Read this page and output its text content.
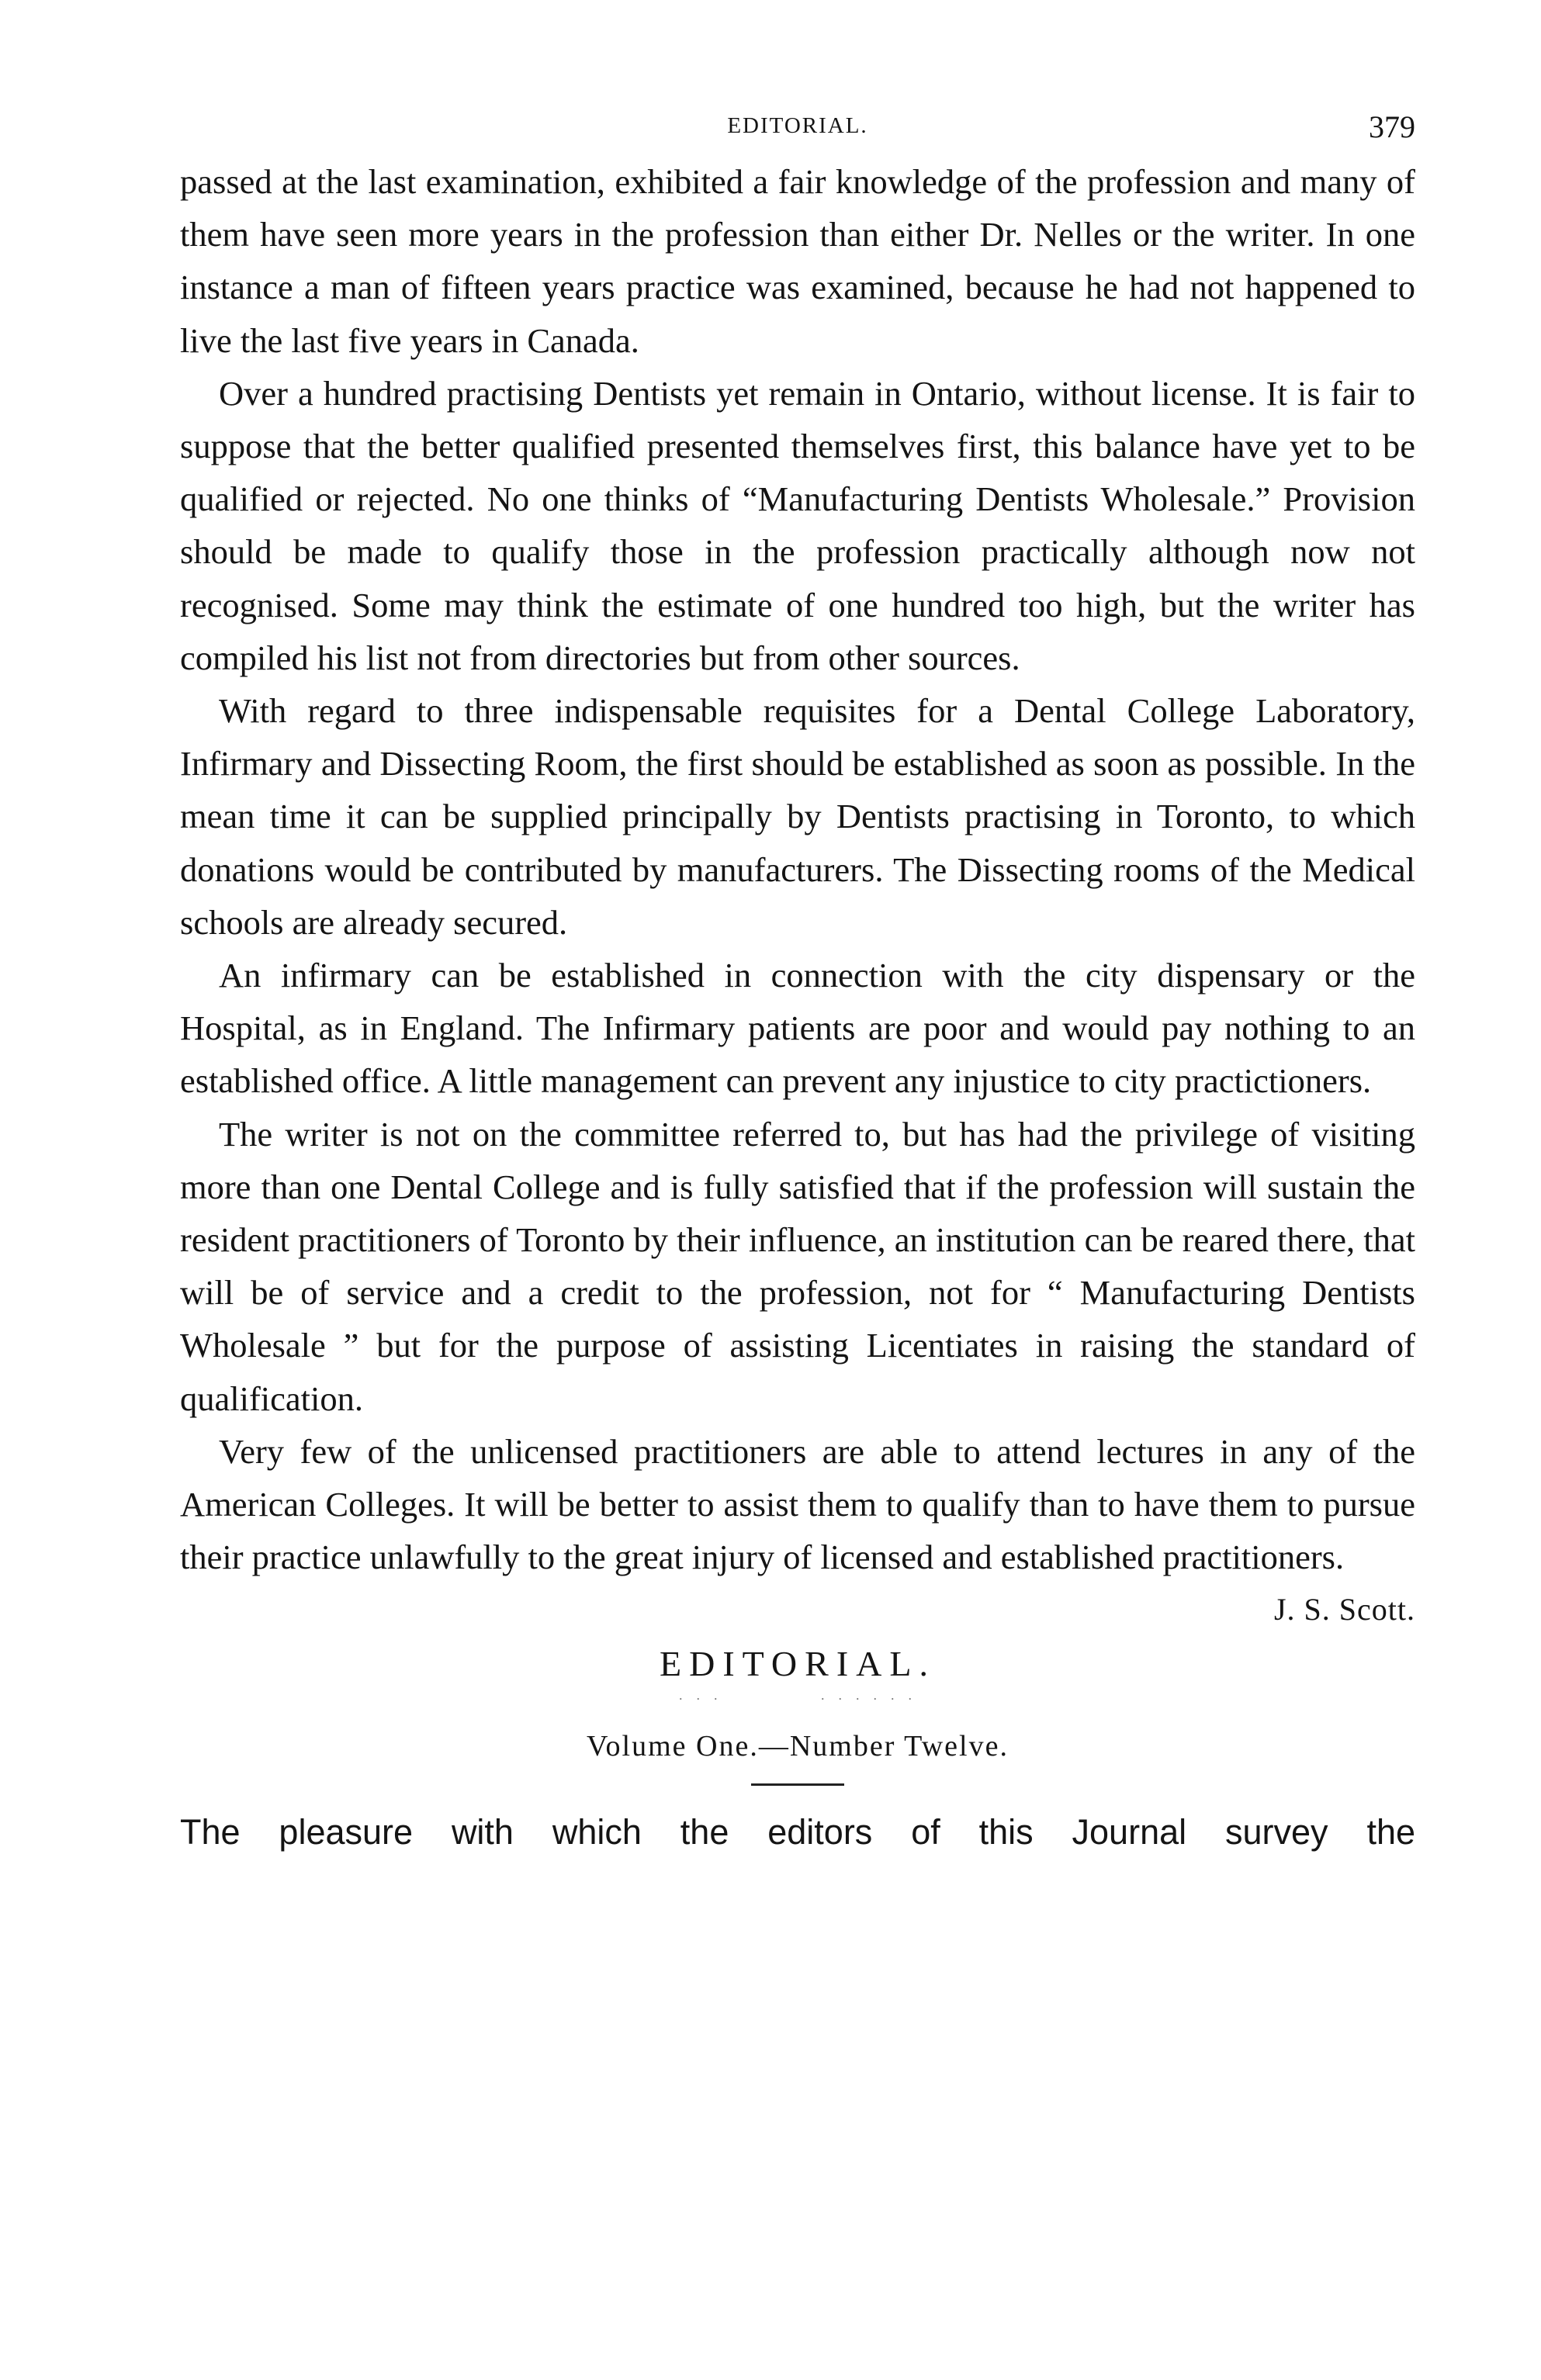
EDITORIAL.	379

passed at the last examination, exhibited a fair knowledge of the profession and many of them have seen more years in the profession than either Dr. Nelles or the writer. In one instance a man of fifteen years practice was examined, because he had not happened to live the last five years in Canada.

Over a hundred practising Dentists yet remain in Ontario, without license. It is fair to suppose that the better qualified presented themselves first, this balance have yet to be qualified or rejected. No one thinks of “Manufacturing Dentists Wholesale.” Provision should be made to qualify those in the profession practically although now not recognised. Some may think the estimate of one hundred too high, but the writer has compiled his list not from directories but from other sources.

With regard to three indispensable requisites for a Dental College Laboratory, Infirmary and Dissecting Room, the first should be established as soon as possible. In the mean time it can be supplied principally by Dentists practising in Toronto, to which donations would be contributed by manufacturers. The Dissecting rooms of the Medical schools are already secured.

An infirmary can be established in connection with the city dispensary or the Hospital, as in England. The Infirmary patients are poor and would pay nothing to an established office. A little management can prevent any injustice to city practictioners.

The writer is not on the committee referred to, but has had the privilege of visiting more than one Dental College and is fully satisfied that if the profession will sustain the resident practitioners of Toronto by their influence, an institution can be reared there, that will be of service and a credit to the profession, not for “ Manufacturing Dentists Wholesale ” but for the purpose of assisting Licentiates in raising the standard of qualification.

Very few of the unlicensed practitioners are able to attend lectures in any of the American Colleges. It will be better to assist them to qualify than to have them to pursue their practice unlawfully to the great injury of licensed and established practitioners.

J. S. Scott.
EDITORIAL.
· · ·            · · · · · ·
Volume One.—Number Twelve.

The pleasure with which the editors of this Journal survey the
